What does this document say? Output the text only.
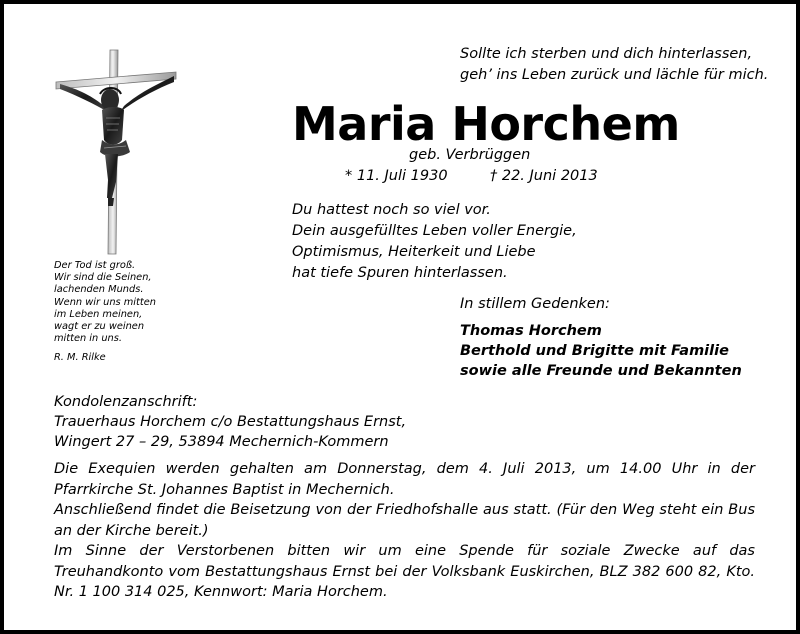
Sollte ich sterben und dich hinterlassen,
geh’ ins Leben zurück und lächle für mich.
Maria Horchem
geb. Verbrüggen
* 11. Juli 1930	† 22. Juni 2013
Du hattest noch so viel vor.
Dein ausgefülltes Leben voller Energie,
Optimismus, Heiterkeit und Liebe
hat tiefe Spuren hinterlassen.
Der Tod ist groß.
Wir sind die Seinen,
lachenden Munds.
Wenn wir uns mitten
im Leben meinen,
wagt er zu weinen
mitten in uns.
R. M. Rilke
In stillem Gedenken:
Thomas Horchem
Berthold und Brigitte mit Familie
sowie alle Freunde und Bekannten
Kondolenzanschrift:
Trauerhaus Horchem c/o Bestattungshaus Ernst,
Wingert 27 – 29, 53894 Mechernich-Kommern
Die Exequien werden gehalten am Donnerstag, dem 4. Juli 2013, um 14.00 Uhr in der Pfarrkirche St. Johannes Baptist in Mechernich.
Anschließend findet die Beisetzung von der Friedhofshalle aus statt. (Für den Weg steht ein Bus an der Kirche bereit.)
Im Sinne der Verstorbenen bitten wir um eine Spende für soziale Zwecke auf das Treuhandkonto vom Bestattungshaus Ernst bei der Volksbank Euskirchen, BLZ 382 600 82, Kto. Nr. 1 100 314 025, Kennwort: Maria Horchem.
